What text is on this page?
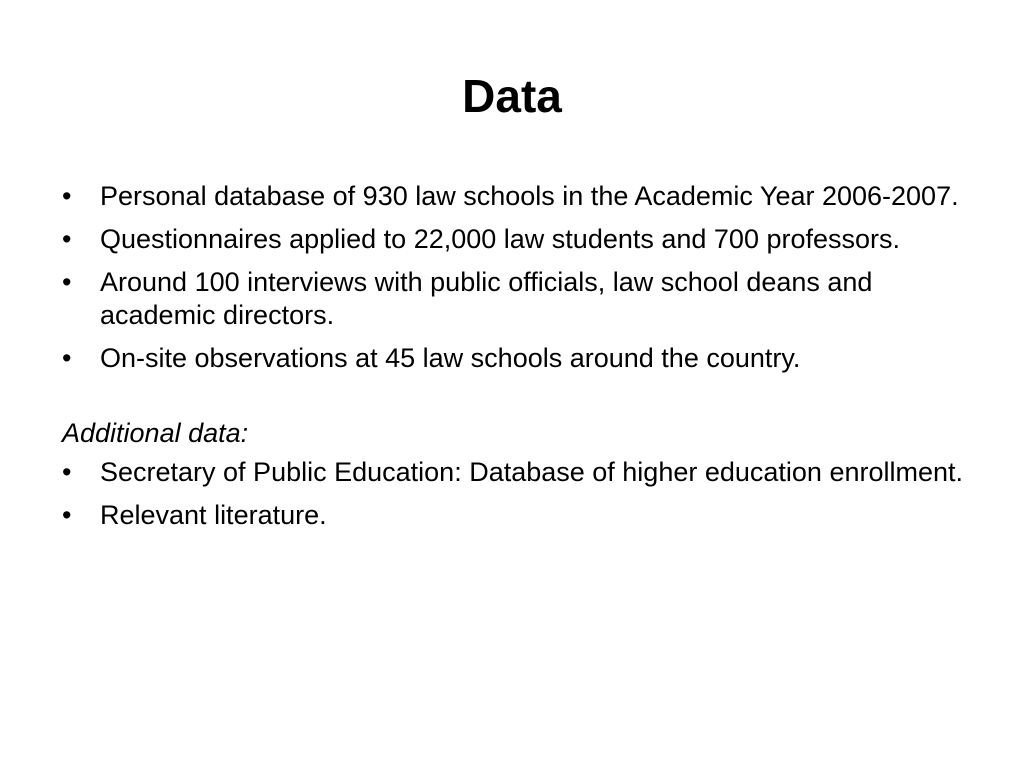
Data
•	Personal database of 930 law schools in the Academic Year 2006-2007.
•	Questionnaires applied to 22,000 law students and 700 professors.
•	Around 100 interviews with public officials, law school deans and academic directors.
•	On-site observations at 45 law schools around the country.
Additional data:
•	Secretary of Public Education: Database of higher education enrollment.
•	Relevant literature.
